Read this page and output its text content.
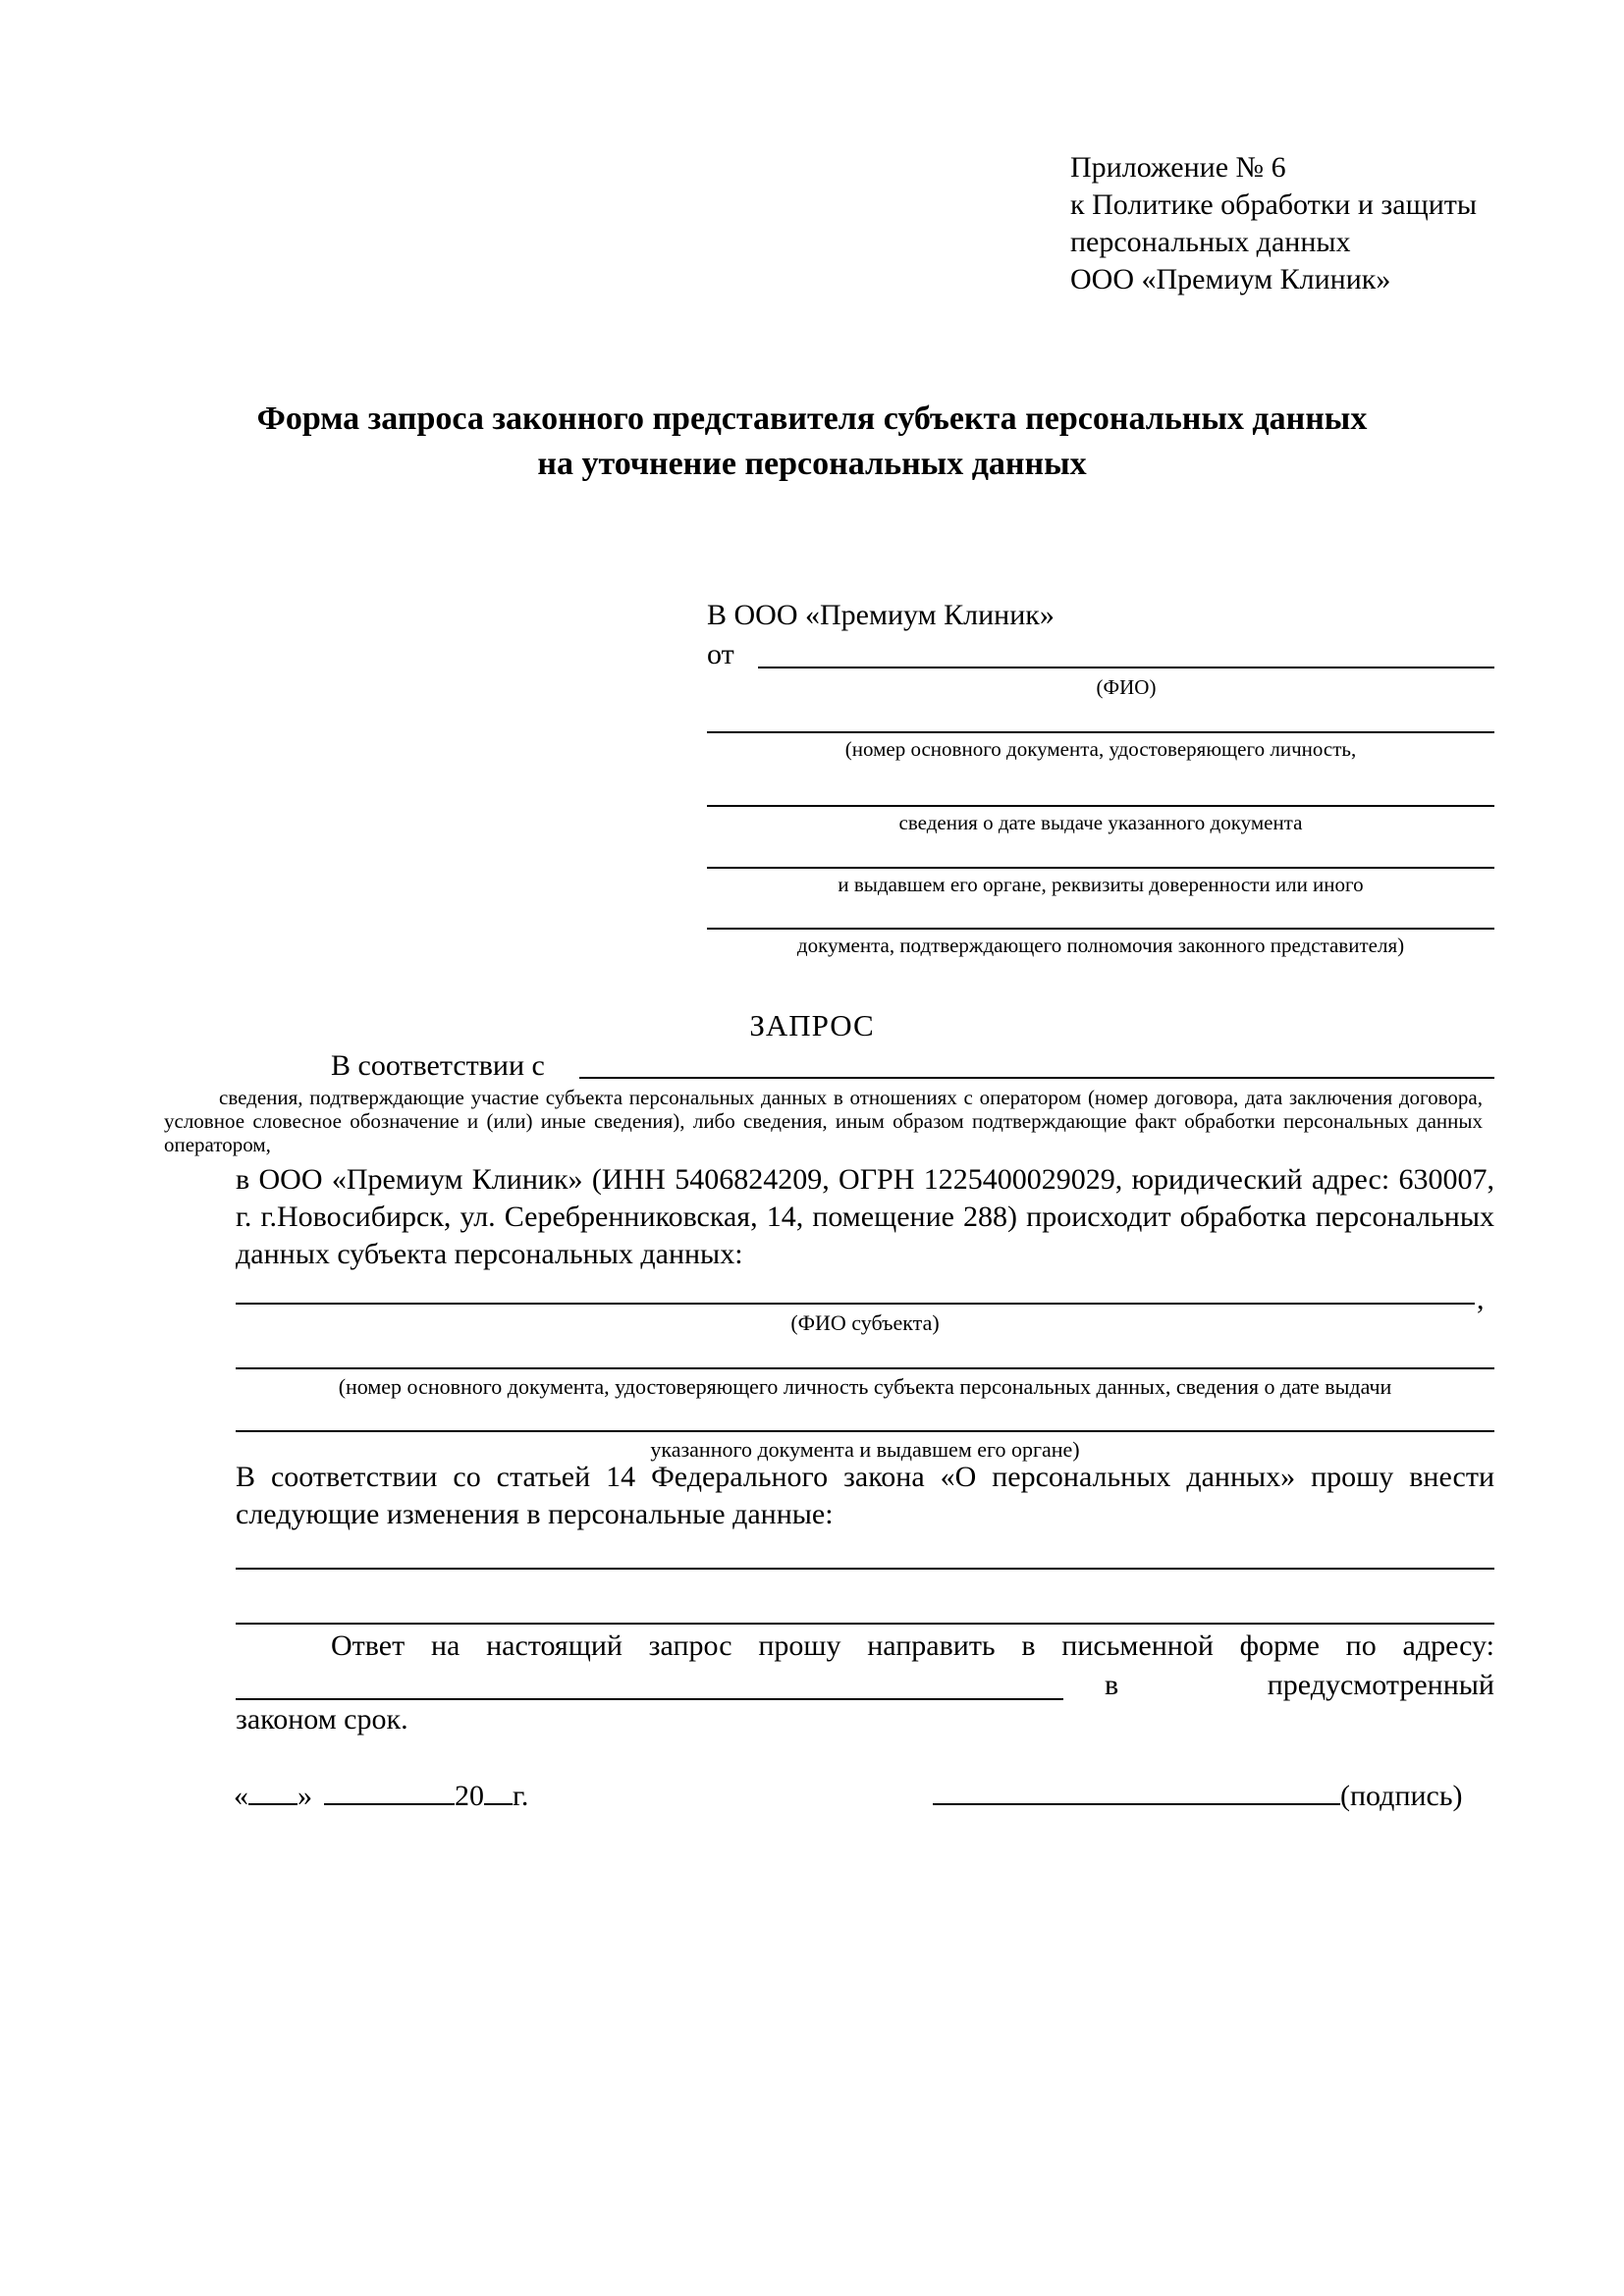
Приложение № 6
к Политике обработки и защиты
персональных данных
ООО «Премиум Клиник»
Форма запроса законного представителя субъекта персональных данных
на уточнение персональных данных
В ООО «Премиум Клиник»
от
(ФИО)
(номер основного документа, удостоверяющего личность,
сведения о дате выдаче указанного документа
и выдавшем его органе, реквизиты доверенности или иного
документа, подтверждающего полномочия законного представителя)
ЗАПРОС
В соответствии с
сведения, подтверждающие участие субъекта персональных данных в отношениях с оператором (номер договора, дата заключения договора, условное словесное обозначение и (или) иные сведения), либо сведения, иным образом подтверждающие факт обработки персональных данных оператором,
в ООО «Премиум Клиник» (ИНН 5406824209, ОГРН 1225400029029, юридический адрес: 630007, г. г.Новосибирск, ул. Серебренниковская, 14, помещение 288) происходит обработка персональных данных субъекта персональных данных:
,
(ФИО субъекта)
(номер основного документа, удостоверяющего личность субъекта персональных данных, сведения о дате выдачи
указанного документа и выдавшем его органе)
В соответствии со статьей 14 Федерального закона «О персональных данных» прошу внести следующие изменения в персональные данные:
Ответ на настоящий запрос прошу направить в письменной форме по адресу:
в	предусмотренный
законом срок.
« »	20 г.	(подпись)
